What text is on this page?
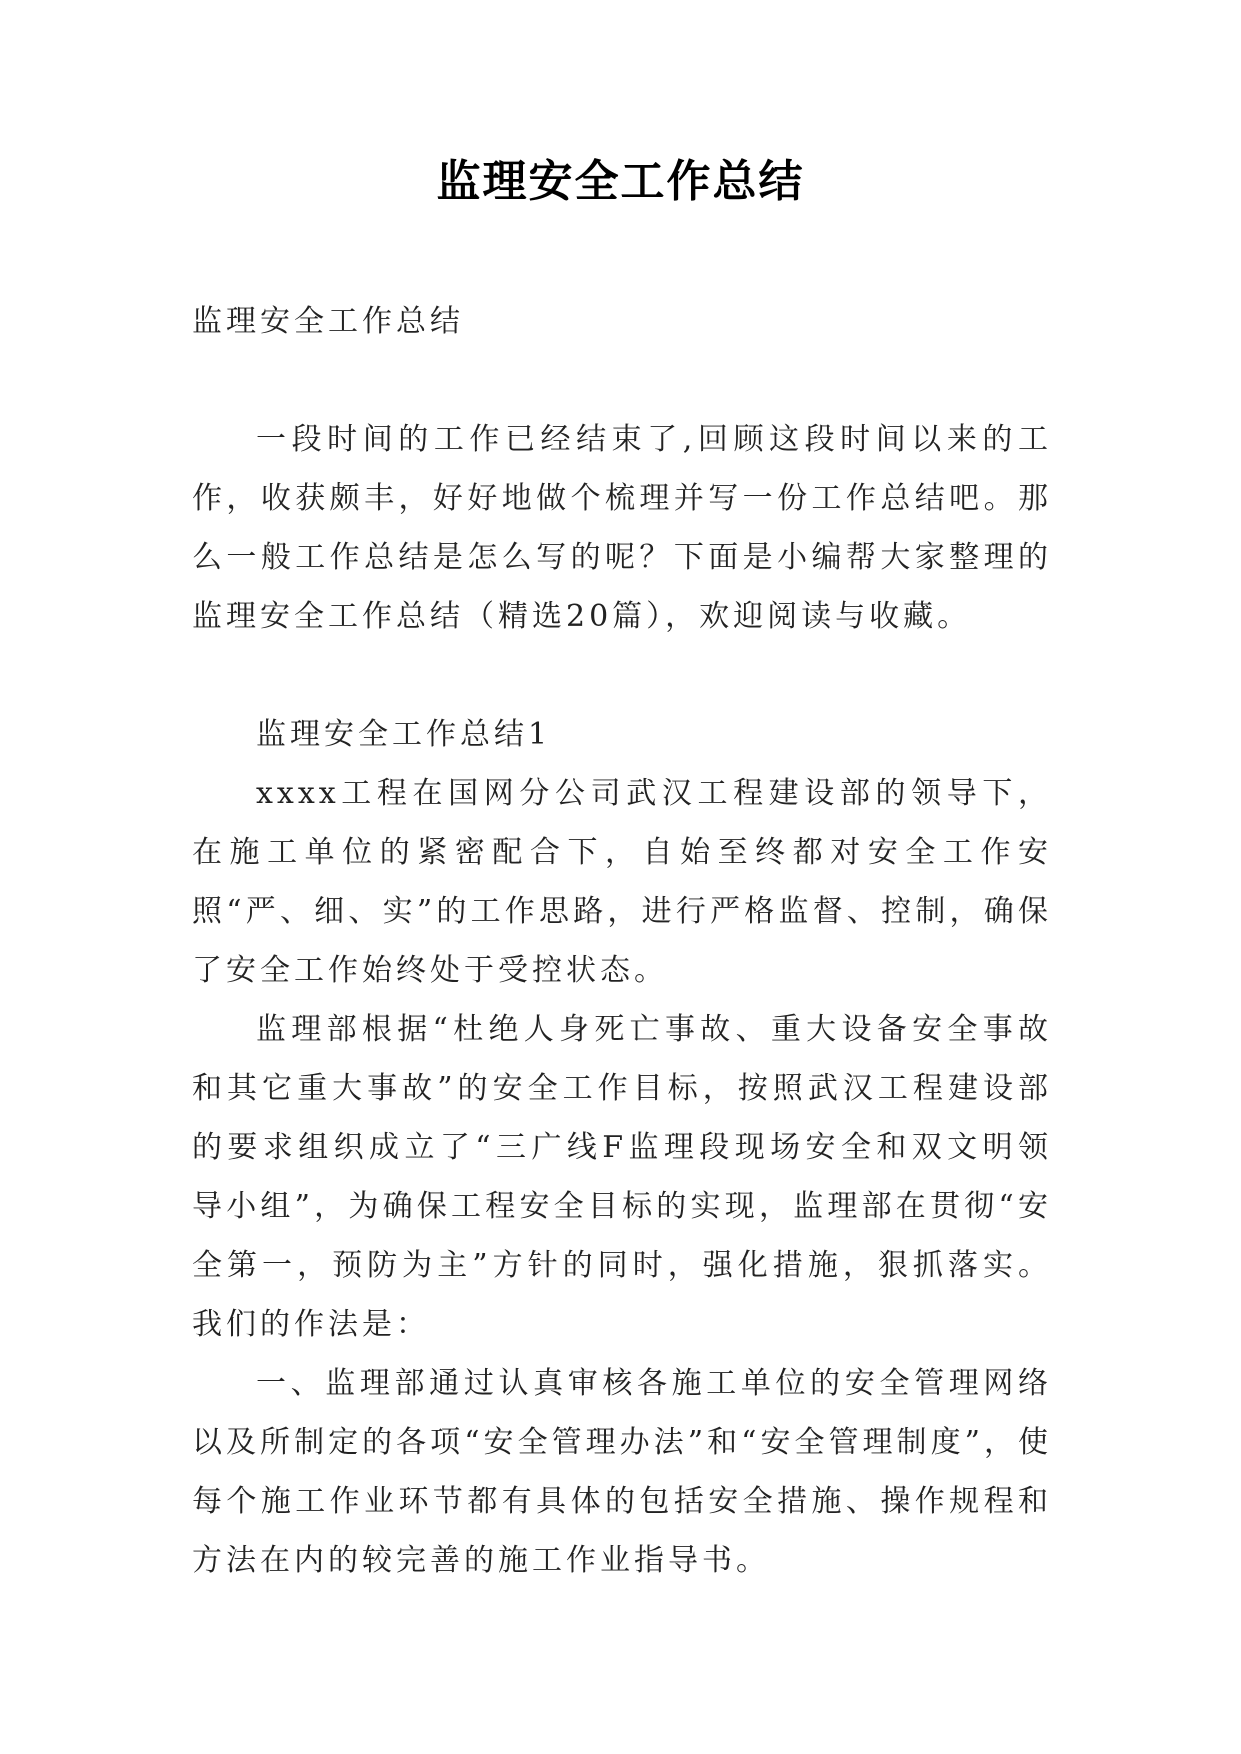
监理安全工作总结

监理安全工作总结

一段时间的工作已经结束了,回顾这段时间以来的工作，收获颇丰，好好地做个梳理并写一份工作总结吧。那么一般工作总结是怎么写的呢？下面是小编帮大家整理的监理安全工作总结（精选20篇），欢迎阅读与收藏。

监理安全工作总结1

xxxx工程在国网分公司武汉工程建设部的领导下，在施工单位的紧密配合下，自始至终都对安全工作安照“严、细、实”的工作思路，进行严格监督、控制，确保了安全工作始终处于受控状态。

监理部根据“杜绝人身死亡事故、重大设备安全事故和其它重大事故”的安全工作目标，按照武汉工程建设部的要求组织成立了“三广线F监理段现场安全和双文明领导小组”，为确保工程安全目标的实现，监理部在贯彻“安全第一，预防为主”方针的同时，强化措施，狠抓落实。我们的作法是：

一、监理部通过认真审核各施工单位的安全管理网络以及所制定的各项“安全管理办法”和“安全管理制度”，使每个施工作业环节都有具体的包括安全措施、操作规程和方法在内的较完善的施工作业指导书。
